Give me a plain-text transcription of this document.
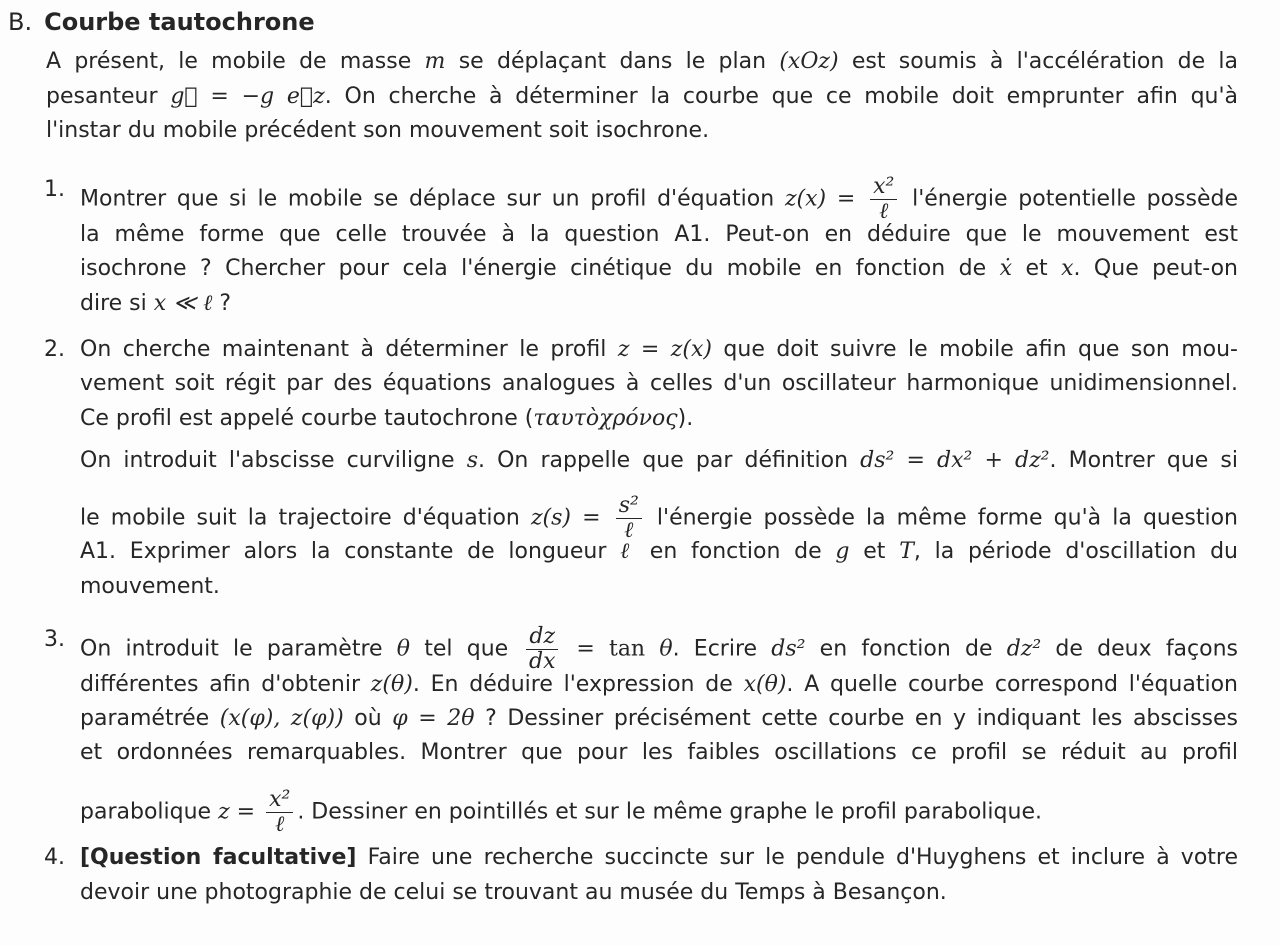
B. Courbe tautochrone
A présent, le mobile de masse m se déplaçant dans le plan (xOz) est soumis à l'accélération de la
pesanteur g⃗ = −g e⃗z. On cherche à déterminer la courbe que ce mobile doit emprunter afin qu'à
l'instar du mobile précédent son mouvement soit isochrone.
1. Montrer que si le mobile se déplace sur un profil d'équation $z(x) = \frac{\text{x²}}{\text{ℓ}}$ l'énergie potentielle possède
la même forme que celle trouvée à la question A1. Peut-on en déduire que le mouvement est
isochrone ? Chercher pour cela l'énergie cinétique du mobile en fonction de ẋ et x. Que peut-on
dire si x ≪ ℓ ?
2. On cherche maintenant à déterminer le profil z = z(x) que doit suivre le mobile afin que son mou-
vement soit régit par des équations analogues à celles d'un oscillateur harmonique unidimensionnel.
Ce profil est appelé courbe tautochrone (ταυτὸχρόνος).
On introduit l'abscisse curviligne s. On rappelle que par définition ds² = dx² + dz². Montrer que si
le mobile suit la trajectoire d'équation $z(s) = \frac{\text{s²}}{\text{ℓ}}$ l'énergie possède la même forme qu'à la question
A1. Exprimer alors la constante de longueur ℓ en fonction de g et T, la période d'oscillation du
mouvement.
3. On introduit le paramètre θ tel que $\frac{dz}{dx} = \tan \theta$. Ecrire ds² en fonction de dz² de deux façons
différentes afin d'obtenir z(θ). En déduire l'expression de x(θ). A quelle courbe correspond l'équation
paramétrée (x(φ), z(φ)) où φ = 2θ ? Dessiner précisément cette courbe en y indiquant les abscisses
et ordonnées remarquables. Montrer que pour les faibles oscillations ce profil se réduit au profil
parabolique $z = \frac{\text{x²}}{\text{ℓ}}$ . Dessiner en pointillés et sur le même graphe le profil parabolique.
4. [Question facultative] Faire une recherche succincte sur le pendule d'Huyghens et inclure à votre
devoir une photographie de celui se trouvant au musée du Temps à Besançon.
